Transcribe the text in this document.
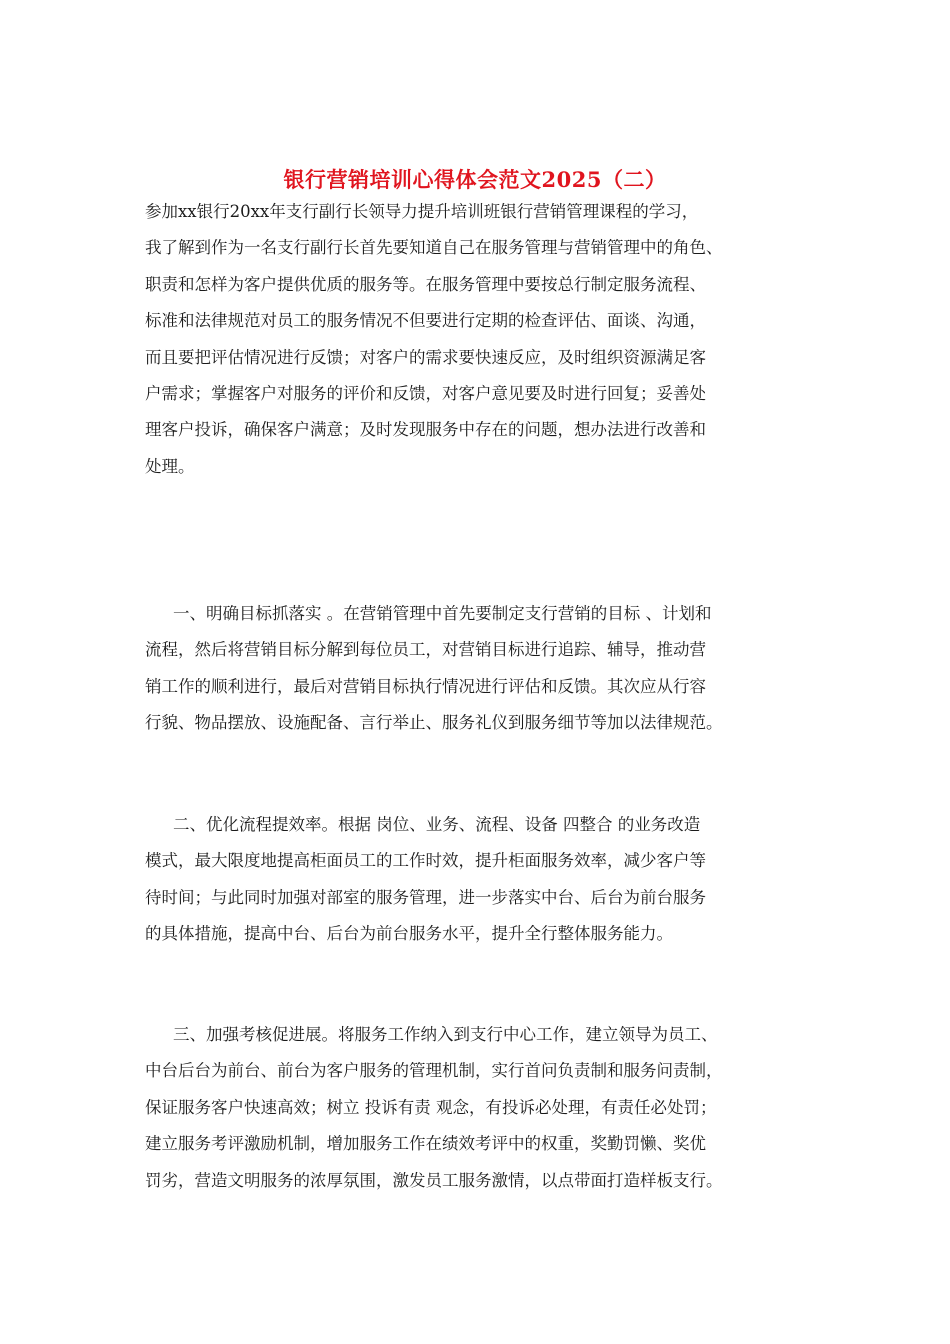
银行营销培训心得体会范文2025（二）

参加xx银行20xx年支行副行长领导力提升培训班银行营销管理课程的学习，
我了解到作为一名支行副行长首先要知道自己在服务管理与营销管理中的角色、
职责和怎样为客户提供优质的服务等。在服务管理中要按总行制定服务流程、
标准和法律规范对员工的服务情况不但要进行定期的检查评估、面谈、沟通，
而且要把评估情况进行反馈；对客户的需求要快速反应，及时组织资源满足客
户需求；掌握客户对服务的评价和反馈，对客户意见要及时进行回复；妥善处
理客户投诉，确保客户满意；及时发现服务中存在的问题，想办法进行改善和
处理。

一、明确目标抓落实 。在营销管理中首先要制定支行营销的目标 、计划和
流程，然后将营销目标分解到每位员工，对营销目标进行追踪、辅导，推动营
销工作的顺利进行，最后对营销目标执行情况进行评估和反馈。其次应从行容
行貌、物品摆放、设施配备、言行举止、服务礼仪到服务细节等加以法律规范。

二、优化流程提效率。根据 岗位、业务、流程、设备 四整合 的业务改造
模式，最大限度地提高柜面员工的工作时效，提升柜面服务效率，减少客户等
待时间；与此同时加强对部室的服务管理，进一步落实中台、后台为前台服务
的具体措施，提高中台、后台为前台服务水平，提升全行整体服务能力。

三、加强考核促进展。将服务工作纳入到支行中心工作，建立领导为员工、
中台后台为前台、前台为客户服务的管理机制，实行首问负责制和服务问责制，
保证服务客户快速高效；树立 投诉有责 观念，有投诉必处理，有责任必处罚；
建立服务考评激励机制，增加服务工作在绩效考评中的权重，奖勤罚懒、奖优
罚劣，营造文明服务的浓厚氛围，激发员工服务激情，以点带面打造样板支行。
